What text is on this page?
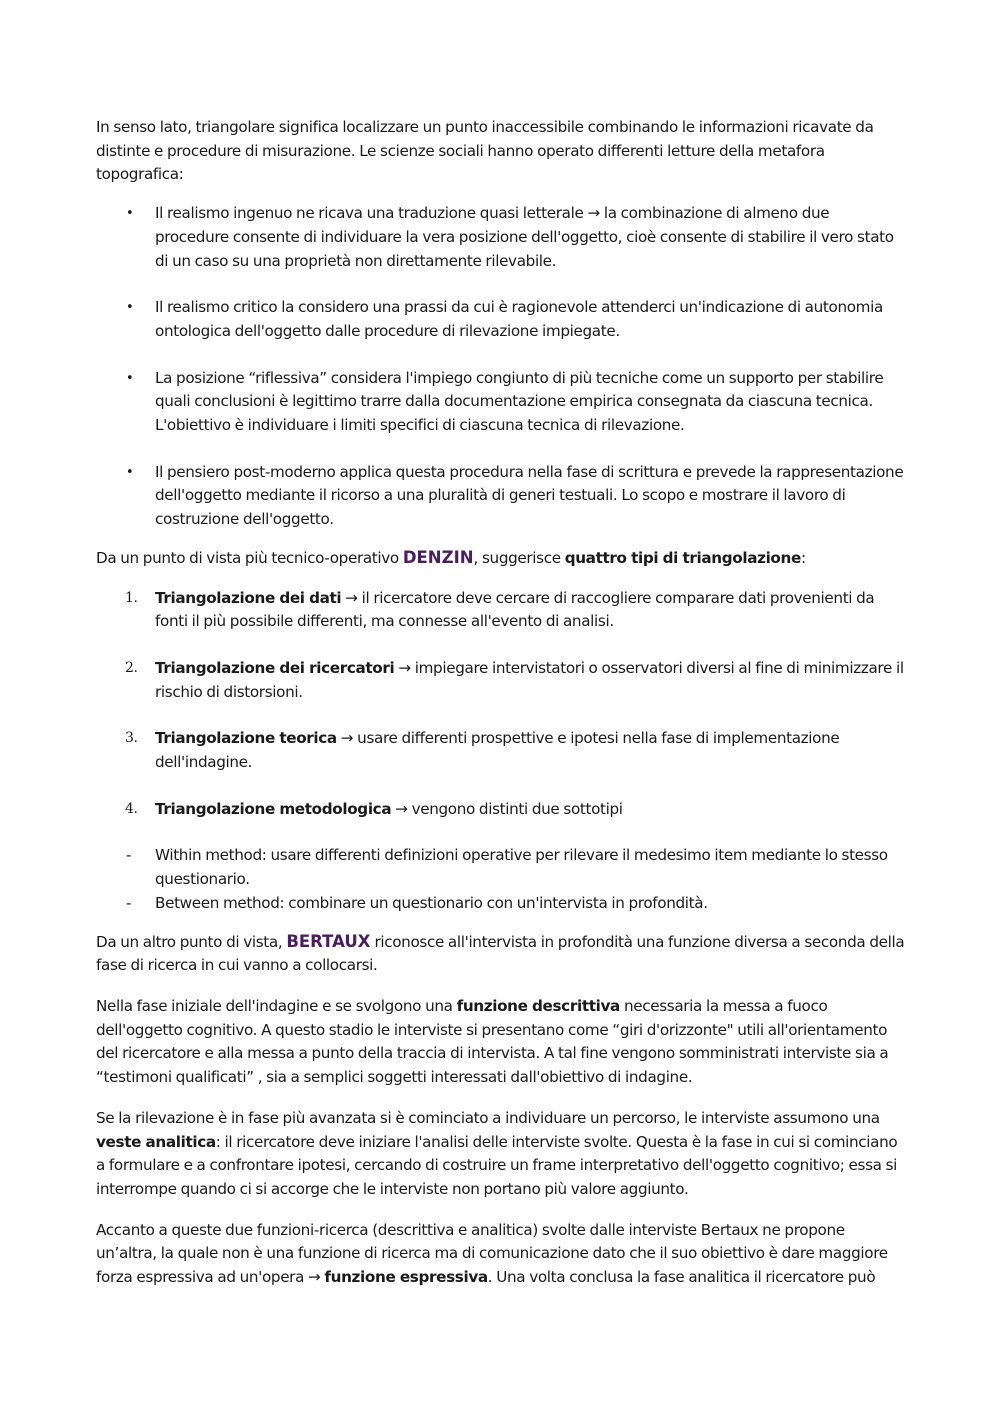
In senso lato, triangolare significa localizzare un punto inaccessibile combinando le informazioni ricavate da distinte e procedure di misurazione. Le scienze sociali hanno operato differenti letture della metafora topografica:

• Il realismo ingenuo ne ricava una traduzione quasi letterale → la combinazione di almeno due procedure consente di individuare la vera posizione dell'oggetto, cioè consente di stabilire il vero stato di un caso su una proprietà non direttamente rilevabile.
• Il realismo critico la considero una prassi da cui è ragionevole attenderci un'indicazione di autonomia ontologica dell'oggetto dalle procedure di rilevazione impiegate.
• La posizione “riflessiva” considera l'impiego congiunto di più tecniche come un supporto per stabilire quali conclusioni è legittimo trarre dalla documentazione empirica consegnata da ciascuna tecnica. L'obiettivo è individuare i limiti specifici di ciascuna tecnica di rilevazione.
• Il pensiero post-moderno applica questa procedura nella fase di scrittura e prevede la rappresentazione dell'oggetto mediante il ricorso a una pluralità di generi testuali. Lo scopo e mostrare il lavoro di costruzione dell'oggetto.

Da un punto di vista più tecnico-operativo DENZIN, suggerisce quattro tipi di triangolazione:

1. Triangolazione dei dati → il ricercatore deve cercare di raccogliere comparare dati provenienti da fonti il più possibile differenti, ma connesse all'evento di analisi.
2. Triangolazione dei ricercatori → impiegare intervistatori o osservatori diversi al fine di minimizzare il rischio di distorsioni.
3. Triangolazione teorica → usare differenti prospettive e ipotesi nella fase di implementazione dell'indagine.
4. Triangolazione metodologica → vengono distinti due sottotipi
- Within method: usare differenti definizioni operative per rilevare il medesimo item mediante lo stesso questionario.
- Between method: combinare un questionario con un'intervista in profondità.

Da un altro punto di vista, BERTAUX riconosce all'intervista in profondità una funzione diversa a seconda della fase di ricerca in cui vanno a collocarsi.

Nella fase iniziale dell'indagine e se svolgono una funzione descrittiva necessaria la messa a fuoco dell'oggetto cognitivo. A questo stadio le interviste si presentano come “giri d'orizzonte" utili all'orientamento del ricercatore e alla messa a punto della traccia di intervista. A tal fine vengono somministrati interviste sia a “testimoni qualificati” , sia a semplici soggetti interessati dall'obiettivo di indagine.

Se la rilevazione è in fase più avanzata si è cominciato a individuare un percorso, le interviste assumono una veste analitica: il ricercatore deve iniziare l'analisi delle interviste svolte. Questa è la fase in cui si cominciano a formulare e a confrontare ipotesi, cercando di costruire un frame interpretativo dell'oggetto cognitivo; essa si interrompe quando ci si accorge che le interviste non portano più valore aggiunto.

Accanto a queste due funzioni-ricerca (descrittiva e analitica) svolte dalle interviste Bertaux ne propone un’altra, la quale non è una funzione di ricerca ma di comunicazione dato che il suo obiettivo è dare maggiore forza espressiva ad un'opera → funzione espressiva. Una volta conclusa la fase analitica il ricercatore può
